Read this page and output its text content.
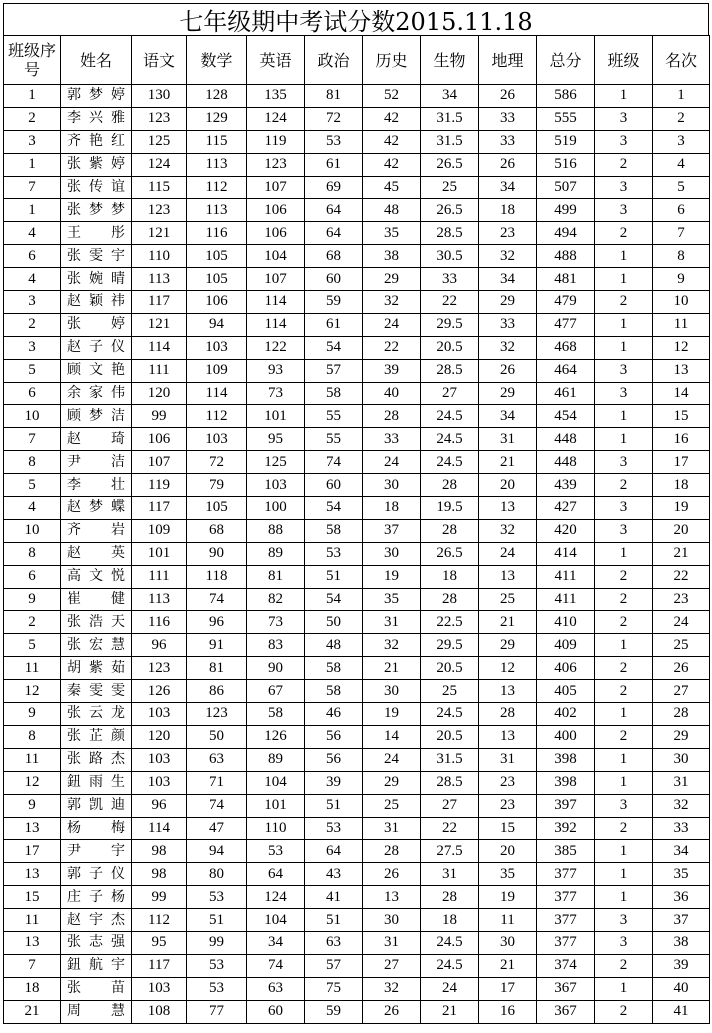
七年级期中考试分数2015.11.18
班级序号	姓名	语文	数学	英语	政治	历史	生物	地理	总分	班级	名次
1	郭梦婷	130	128	135	81	52	34	26	586	1	1
2	李兴雅	123	129	124	72	42	31.5	33	555	3	2
3	齐艳红	125	115	119	53	42	31.5	33	519	3	3
1	张紫婷	124	113	123	61	42	26.5	26	516	2	4
7	张传谊	115	112	107	69	45	25	34	507	3	5
1	张梦梦	123	113	106	64	48	26.5	18	499	3	6
4	王　彤	121	116	106	64	35	28.5	23	494	2	7
6	张雯宇	110	105	104	68	38	30.5	32	488	1	8
4	张婉晴	113	105	107	60	29	33	34	481	1	9
3	赵颖祎	117	106	114	59	32	22	29	479	2	10
2	张　婷	121	94	114	61	24	29.5	33	477	1	11
3	赵子仪	114	103	122	54	22	20.5	32	468	1	12
5	顾文艳	111	109	93	57	39	28.5	26	464	3	13
6	余家伟	120	114	73	58	40	27	29	461	3	14
10	顾梦洁	99	112	101	55	28	24.5	34	454	1	15
7	赵　琦	106	103	95	55	33	24.5	31	448	1	16
8	尹　洁	107	72	125	74	24	24.5	21	448	3	17
5	李　壮	119	79	103	60	30	28	20	439	2	18
4	赵梦蝶	117	105	100	54	18	19.5	13	427	3	19
10	齐　岩	109	68	88	58	37	28	32	420	3	20
8	赵　英	101	90	89	53	30	26.5	24	414	1	21
6	高文悦	111	118	81	51	19	18	13	411	2	22
9	崔　健	113	74	82	54	35	28	25	411	2	23
2	张浩天	116	96	73	50	31	22.5	21	410	2	24
5	张宏慧	96	91	83	48	32	29.5	29	409	1	25
11	胡紫茹	123	81	90	58	21	20.5	12	406	2	26
12	秦雯雯	126	86	67	58	30	25	13	405	2	27
9	张云龙	103	123	58	46	19	24.5	28	402	1	28
8	张芷颜	120	50	126	56	14	20.5	13	400	2	29
11	张路杰	103	63	89	56	24	31.5	31	398	1	30
12	鈕雨生	103	71	104	39	29	28.5	23	398	1	31
9	郭凯迪	96	74	101	51	25	27	23	397	3	32
13	杨　梅	114	47	110	53	31	22	15	392	2	33
17	尹　宇	98	94	53	64	28	27.5	20	385	1	34
13	郭子仪	98	80	64	43	26	31	35	377	1	35
15	庄子杨	99	53	124	41	13	28	19	377	1	36
11	赵宇杰	112	51	104	51	30	18	11	377	3	37
13	张志强	95	99	34	63	31	24.5	30	377	3	38
7	鈕航宇	117	53	74	57	27	24.5	21	374	2	39
18	张　苗	103	53	63	75	32	24	17	367	1	40
21	周　慧	108	77	60	59	26	21	16	367	2	41
